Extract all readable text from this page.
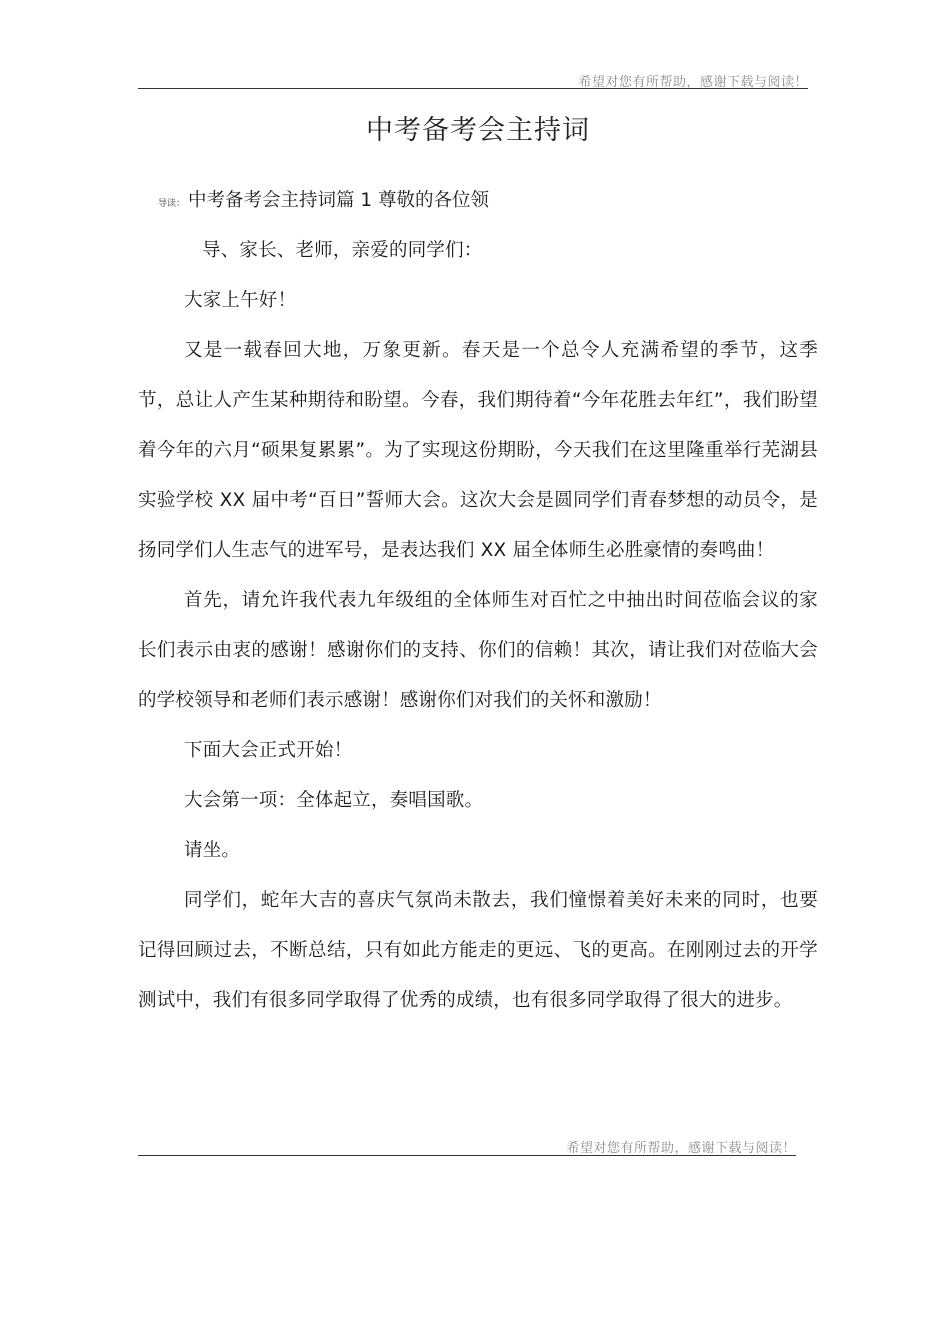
希望对您有所帮助，感谢下载与阅读！
中考备考会主持词
导读： 中考备考会主持词篇 1 尊敬的各位领

导、家长、老师，亲爱的同学们：

大家上午好！

又是一载春回大地，万象更新。春天是一个总令人充满希望的季节，这季节，总让人产生某种期待和盼望。今春，我们期待着“今年花胜去年红”，我们盼望着今年的六月“硕果复累累”。为了实现这份期盼，今天我们在这里隆重举行芜湖县实验学校 XX 届中考“百日”誓师大会。这次大会是圆同学们青春梦想的动员令，是扬同学们人生志气的进军号，是表达我们 XX 届全体师生必胜豪情的奏鸣曲！

首先，请允许我代表九年级组的全体师生对百忙之中抽出时间莅临会议的家长们表示由衷的感谢！感谢你们的支持、你们的信赖！其次，请让我们对莅临大会的学校领导和老师们表示感谢！感谢你们对我们的关怀和激励！

下面大会正式开始！

大会第一项：全体起立，奏唱国歌。

请坐。

同学们，蛇年大吉的喜庆气氛尚未散去，我们憧憬着美好未来的同时，也要记得回顾过去，不断总结，只有如此方能走的更远、飞的更高。在刚刚过去的开学测试中，我们有很多同学取得了优秀的成绩，也有很多同学取得了很大的进步。

希望对您有所帮助，感谢下载与阅读！
